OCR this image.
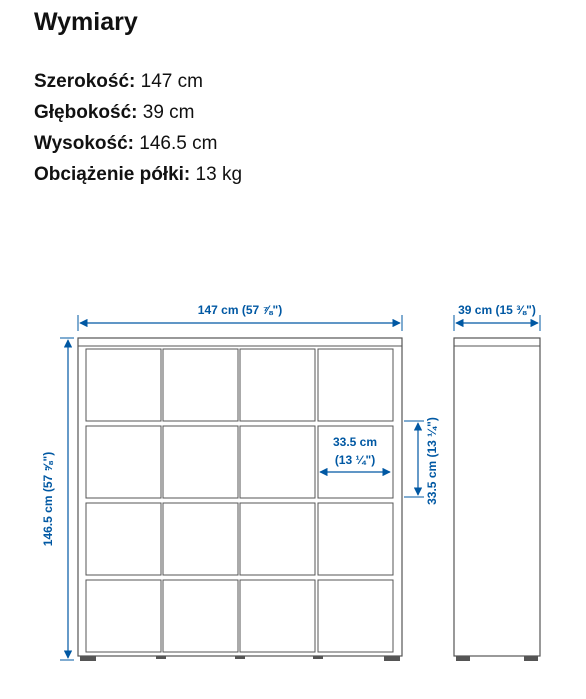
Wymiary
Szerokość: 147 cm
Głębokość: 39 cm
Wysokość: 146.5 cm
Obciążenie półki: 13 kg
147 cm (57 ⅞")	39 cm (15 ⅜")
146.5 cm (57 ⅝")
33.5 cm
(13 ¼")	33.5 cm (13 ¼")
